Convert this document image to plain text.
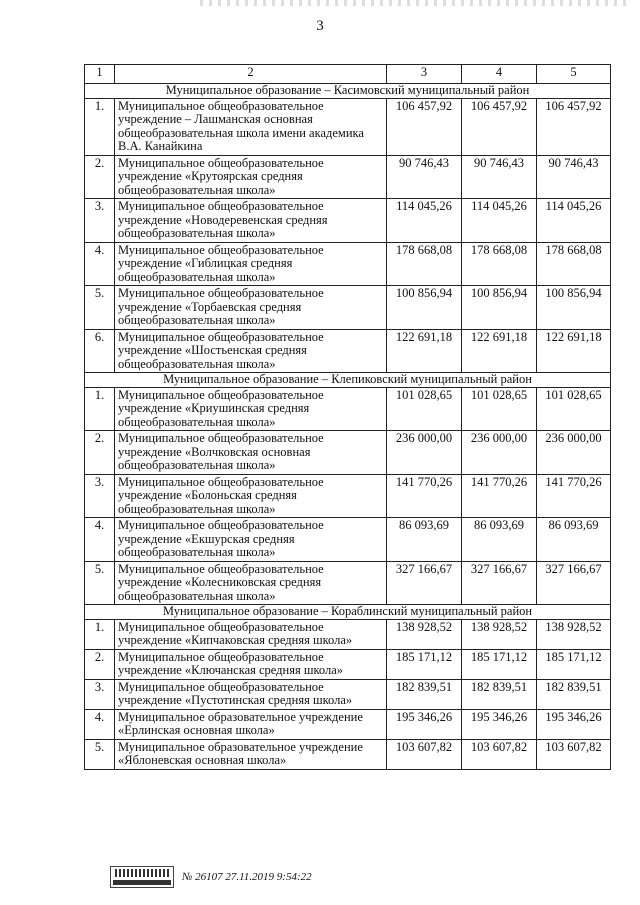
3
1	2	3	4	5
Муниципальное образование – Касимовский муниципальный район				
1.	Муниципальное общеобразовательное
учреждение – Лашманская основная
общеобразовательная школа имени академика
В.А. Канайкина	106 457,92	106 457,92	106 457,92
2.	Муниципальное общеобразовательное
учреждение «Крутоярская средняя
общеобразовательная школа»	90 746,43	90 746,43	90 746,43
3.	Муниципальное общеобразовательное
учреждение «Новодеревенская средняя
общеобразовательная школа»	114 045,26	114 045,26	114 045,26
4.	Муниципальное общеобразовательное
учреждение «Гиблицкая средняя
общеобразовательная школа»	178 668,08	178 668,08	178 668,08
5.	Муниципальное общеобразовательное
учреждение «Торбаевская средняя
общеобразовательная школа»	100 856,94	100 856,94	100 856,94
6.	Муниципальное общеобразовательное
учреждение «Шостьенская средняя
общеобразовательная школа»	122 691,18	122 691,18	122 691,18
Муниципальное образование – Клепиковский муниципальный район				
1.	Муниципальное общеобразовательное
учреждение «Криушинская средняя
общеобразовательная школа»	101 028,65	101 028,65	101 028,65
2.	Муниципальное общеобразовательное
учреждение «Волчковская основная
общеобразовательная школа»	236 000,00	236 000,00	236 000,00
3.	Муниципальное общеобразовательное
учреждение «Болоньская средняя
общеобразовательная школа»	141 770,26	141 770,26	141 770,26
4.	Муниципальное общеобразовательное
учреждение «Екшурская средняя
общеобразовательная школа»	86 093,69	86 093,69	86 093,69
5.	Муниципальное общеобразовательное
учреждение «Колесниковская средняя
общеобразовательная школа»	327 166,67	327 166,67	327 166,67
Муниципальное образование – Кораблинский муниципальный район				
1.	Муниципальное общеобразовательное
учреждение «Кипчаковская средняя школа»	138 928,52	138 928,52	138 928,52
2.	Муниципальное общеобразовательное
учреждение «Ключанская средняя школа»	185 171,12	185 171,12	185 171,12
3.	Муниципальное общеобразовательное
учреждение «Пустотинская средняя школа»	182 839,51	182 839,51	182 839,51
4.	Муниципальное образовательное учреждение
«Ерлинская основная школа»	195 346,26	195 346,26	195 346,26
5.	Муниципальное образовательное учреждение
«Яблоневская основная школа»	103 607,82	103 607,82	103 607,82
№ 26107 27.11.2019 9:54:22
